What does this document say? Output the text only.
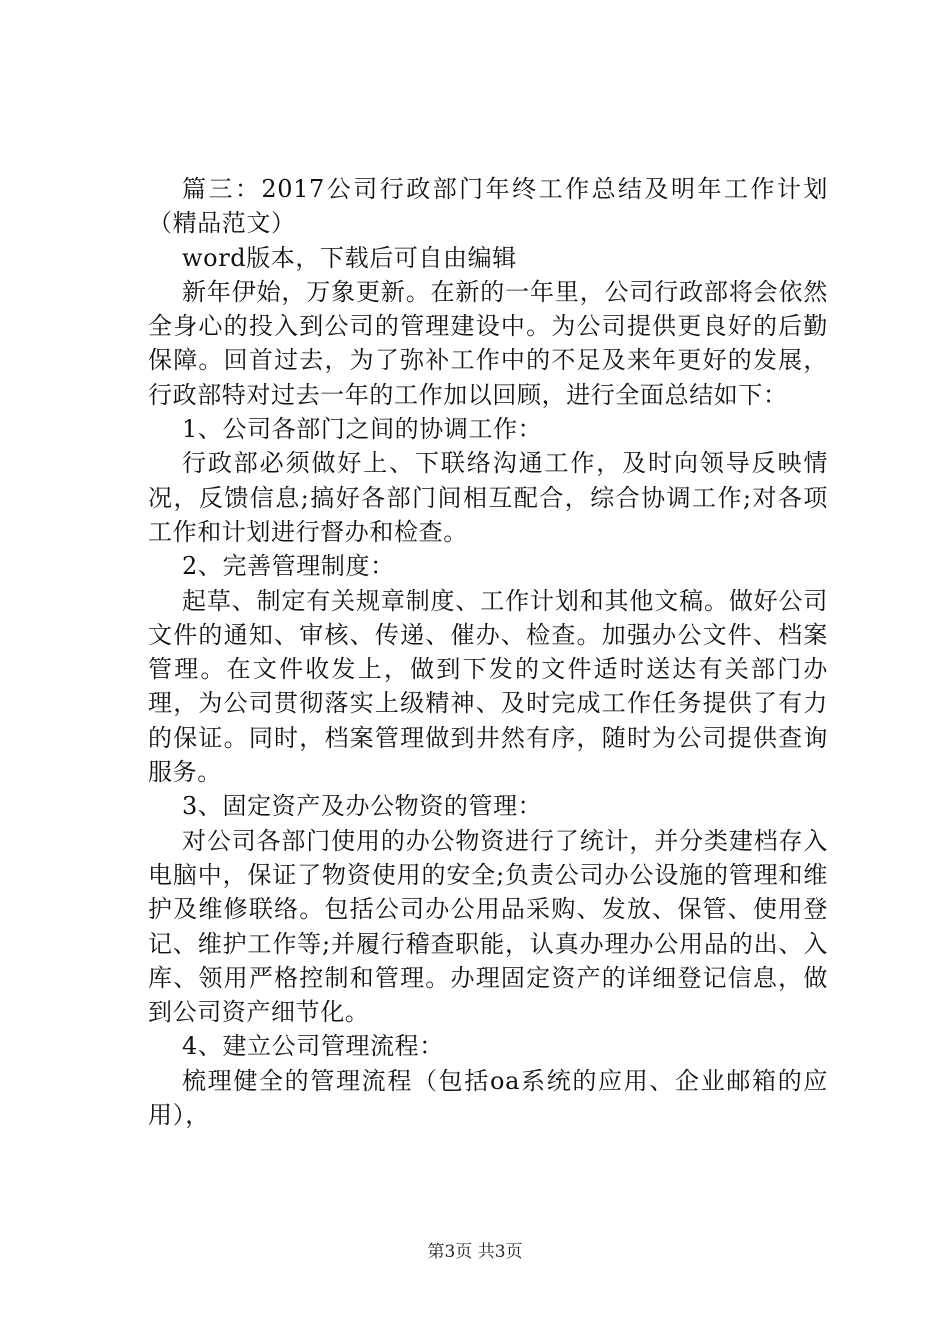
篇三：2017公司行政部门年终工作总结及明年工作计划（精品范文）

word版本，下载后可自由编辑

新年伊始，万象更新。在新的一年里，公司行政部将会依然全身心的投入到公司的管理建设中。为公司提供更良好的后勤保障。回首过去，为了弥补工作中的不足及来年更好的发展，行政部特对过去一年的工作加以回顾，进行全面总结如下：

1、公司各部门之间的协调工作：

行政部必须做好上、下联络沟通工作，及时向领导反映情况，反馈信息;搞好各部门间相互配合，综合协调工作;对各项工作和计划进行督办和检查。

2、完善管理制度：

起草、制定有关规章制度、工作计划和其他文稿。做好公司文件的通知、审核、传递、催办、检查。加强办公文件、档案管理。在文件收发上，做到下发的文件适时送达有关部门办理，为公司贯彻落实上级精神、及时完成工作任务提供了有力的保证。同时，档案管理做到井然有序，随时为公司提供查询服务。

3、固定资产及办公物资的管理：

对公司各部门使用的办公物资进行了统计，并分类建档存入电脑中，保证了物资使用的安全;负责公司办公设施的管理和维护及维修联络。包括公司办公用品采购、发放、保管、使用登记、维护工作等;并履行稽查职能，认真办理办公用品的出、入库、领用严格控制和管理。办理固定资产的详细登记信息，做到公司资产细节化。

4、建立公司管理流程：

梳理健全的管理流程（包括oa系统的应用、企业邮箱的应用），

第3页 共3页
